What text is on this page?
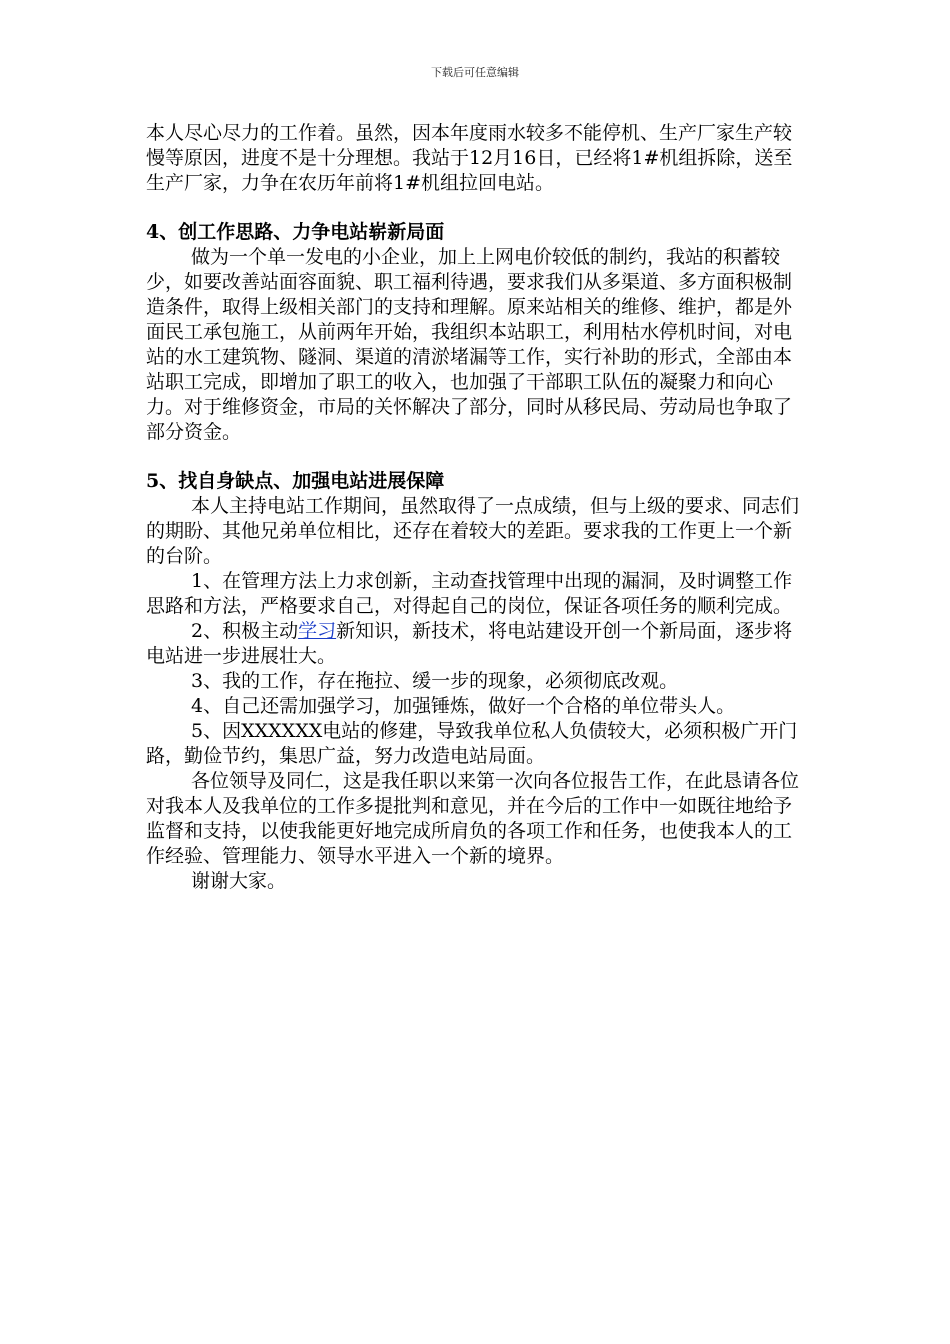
下载后可任意编辑

本人尽心尽力的工作着。虽然，因本年度雨水较多不能停机、生产厂家生产较慢等原因，进度不是十分理想。我站于12月16日，已经将1#机组拆除，送至生产厂家，力争在农历年前将1#机组拉回电站。

4、创工作思路、力争电站崭新局面

做为一个单一发电的小企业，加上上网电价较低的制约，我站的积蓄较少，如要改善站面容面貌、职工福利待遇，要求我们从多渠道、多方面积极制造条件，取得上级相关部门的支持和理解。原来站相关的维修、维护，都是外面民工承包施工，从前两年开始，我组织本站职工，利用枯水停机时间，对电站的水工建筑物、隧洞、渠道的清淤堵漏等工作，实行补助的形式，全部由本站职工完成，即增加了职工的收入，也加强了干部职工队伍的凝聚力和向心力。对于维修资金，市局的关怀解决了部分，同时从移民局、劳动局也争取了部分资金。

5、找自身缺点、加强电站进展保障

本人主持电站工作期间，虽然取得了一点成绩，但与上级的要求、同志们的期盼、其他兄弟单位相比，还存在着较大的差距。要求我的工作更上一个新的台阶。

1、在管理方法上力求创新，主动查找管理中出现的漏洞，及时调整工作思路和方法，严格要求自己，对得起自己的岗位，保证各项任务的顺利完成。

2、积极主动学习新知识，新技术，将电站建设开创一个新局面，逐步将电站进一步进展壮大。

3、我的工作，存在拖拉、缓一步的现象，必须彻底改观。

4、自己还需加强学习，加强锤炼，做好一个合格的单位带头人。

5、因XXXXXX电站的修建，导致我单位私人负债较大，必须积极广开门路，勤俭节约，集思广益，努力改造电站局面。

各位领导及同仁，这是我任职以来第一次向各位报告工作，在此恳请各位对我本人及我单位的工作多提批判和意见，并在今后的工作中一如既往地给予监督和支持，以使我能更好地完成所肩负的各项工作和任务，也使我本人的工作经验、管理能力、领导水平进入一个新的境界。

谢谢大家。
